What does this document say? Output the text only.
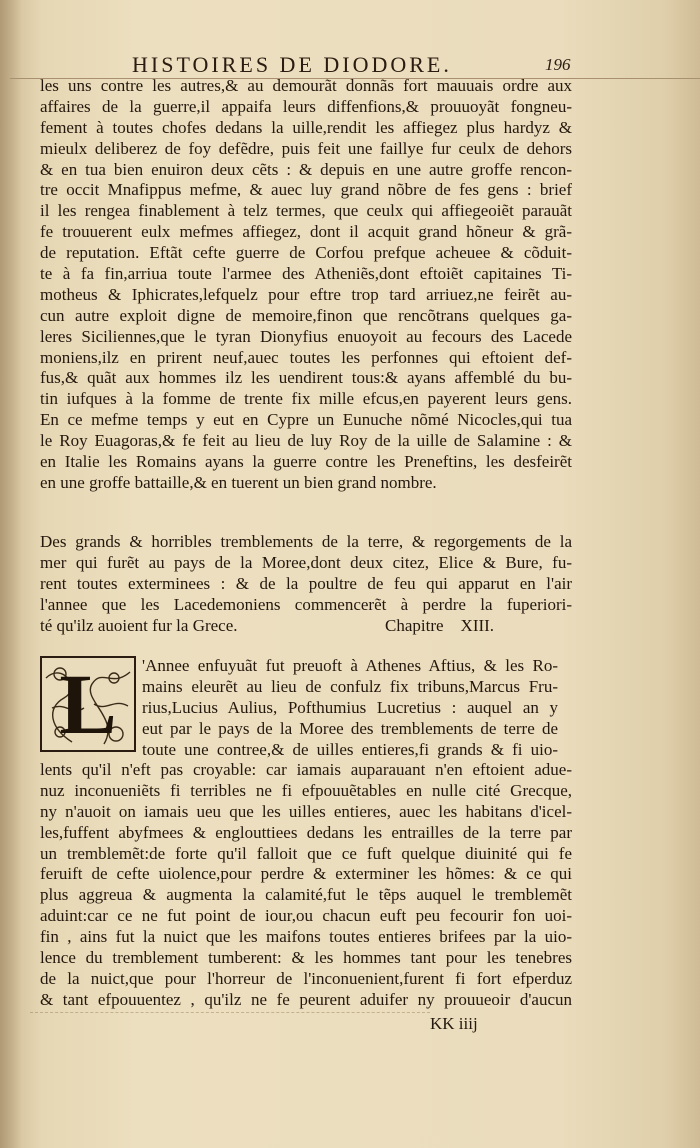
HISTOIRES DE DIODORE.	196
les uns contre les autres,& au demourãt donnãs fort mauuais ordre aux
affaires de la guerre,il appaifa leurs diffenfions,& prouuoyãt fongneu-
fement à toutes chofes dedans la uille,rendit les affiegez plus hardyz &
mieulx deliberez de foy defẽdre, puis feit une faillye fur ceulx de dehors
& en tua bien enuiron deux cẽts : & depuis en une autre groffe rencon-
tre occit Mnafippus mefme, & auec luy grand nõbre de fes gens : brief
il les rengea finablement à telz termes, que ceulx qui affiegeoiẽt parauãt
fe trouuerent eulx mefmes affiegez, dont il acquit grand hõneur & grã-
de reputation. Eftãt cefte guerre de Corfou prefque acheuee & cõduit-
te à fa fin,arriua toute l'armee des Atheniẽs,dont eftoiẽt capitaines Ti-
motheus & Iphicrates,lefquelz pour eftre trop tard arriuez,ne feirẽt au-
cun autre exploit digne de memoire,finon que rencõtrans quelques ga-
leres Siciliennes,que le tyran Dionyfius enuoyoit au fecours des Lacede
moniens,ilz en prirent neuf,auec toutes les perfonnes qui eftoient def-
fus,& quãt aux hommes ilz les uendirent tous:& ayans affemblé du bu-
tin iufques à la fomme de trente fix mille efcus,en payerent leurs gens.
En ce mefme temps y eut en Cypre un Eunuche nõmé Nicocles,qui tua
le Roy Euagoras,& fe feit au lieu de luy Roy de la uille de Salamine : &
en Italie les Romains ayans la guerre contre les Preneftins, les desfeirẽt
en une groffe battaille,& en tuerent un bien grand nombre.
Des grands & horribles tremblements de la terre, & regorgements de la
mer qui furẽt au pays de la Moree,dont deux citez, Elice & Bure, fu-
rent toutes exterminees : & de la poultre de feu qui apparut en l'air
l'annee que les Lacedemoniens commencerẽt à perdre la fuperiori-
té qu'ilz auoient fur la Grece.	Chapitre    XIII.
L	'Annee enfuyuãt fut preuoft à Athenes Aftius, & les Ro-
mains eleurẽt au lieu de confulz fix tribuns,Marcus Fru-
rius,Lucius Aulius, Pofthumius Lucretius : auquel an y
eut par le pays de la Moree des tremblements de terre de
toute une contree,& de uilles entieres,fi grands & fi uio-
lents qu'il n'eft pas croyable: car iamais auparauant n'en eftoient adue-
nuz inconueniẽts fi terribles ne fi efpouuẽtables en nulle cité Grecque,
ny n'auoit on iamais ueu que les uilles entieres, auec les habitans d'icel-
les,fuffent abyfmees & englouttiees dedans les entrailles de la terre par
un tremblemẽt:de forte qu'il falloit que ce fuft quelque diuinité qui fe
feruift de cefte uiolence,pour perdre & exterminer les hõmes: & ce qui
plus aggreua & augmenta la calamité,fut le tẽps auquel le tremblemẽt
aduint:car ce ne fut point de iour,ou chacun euft peu fecourir fon uoi-
fin , ains fut la nuict que les maifons toutes entieres brifees par la uio-
lence du tremblement tumberent: & les hommes tant pour les tenebres
de la nuict,que pour l'horreur de l'inconuenient,furent fi fort efperduz
& tant efpouuentez , qu'ilz ne fe peurent aduifer ny prouueoir d'aucun
KK iiij
